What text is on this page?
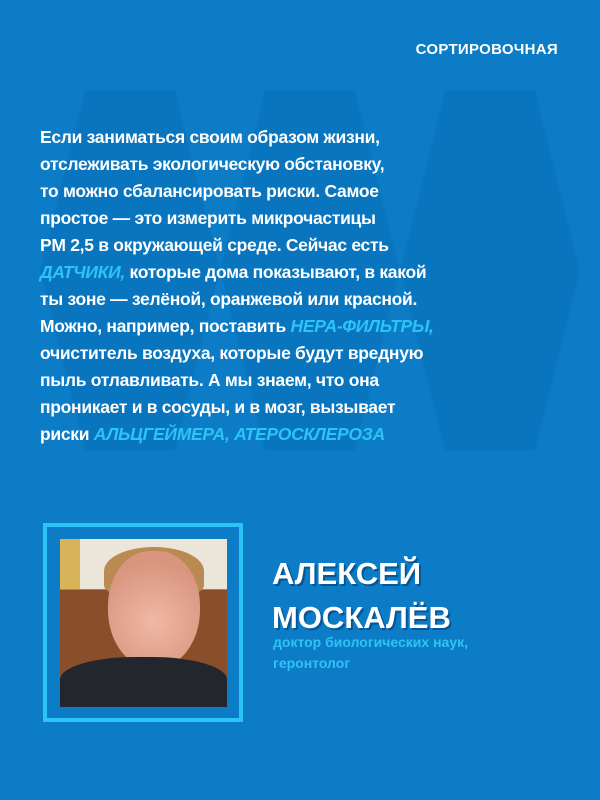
СОРТИРОВОЧНАЯ
Если заниматься своим образом жизни,
отслеживать экологическую обстановку,
то можно сбалансировать риски. Самое
простое — это измерить микрочастицы
PM 2,5 в окружающей среде. Сейчас есть
ДАТЧИКИ, которые дома показывают, в какой
ты зоне — зелёной, оранжевой или красной.
Можно, например, поставить НЕРА-ФИЛЬТРЫ,
очиститель воздуха, которые будут вредную
пыль отлавливать. А мы знаем, что она
проникает и в сосуды, и в мозг, вызывает
риски АЛЬЦГЕЙМЕРА, АТЕРОСКЛЕРОЗА
АЛЕКСЕЙ
МОСКАЛЁВ
доктор биологических наук,
геронтолог
